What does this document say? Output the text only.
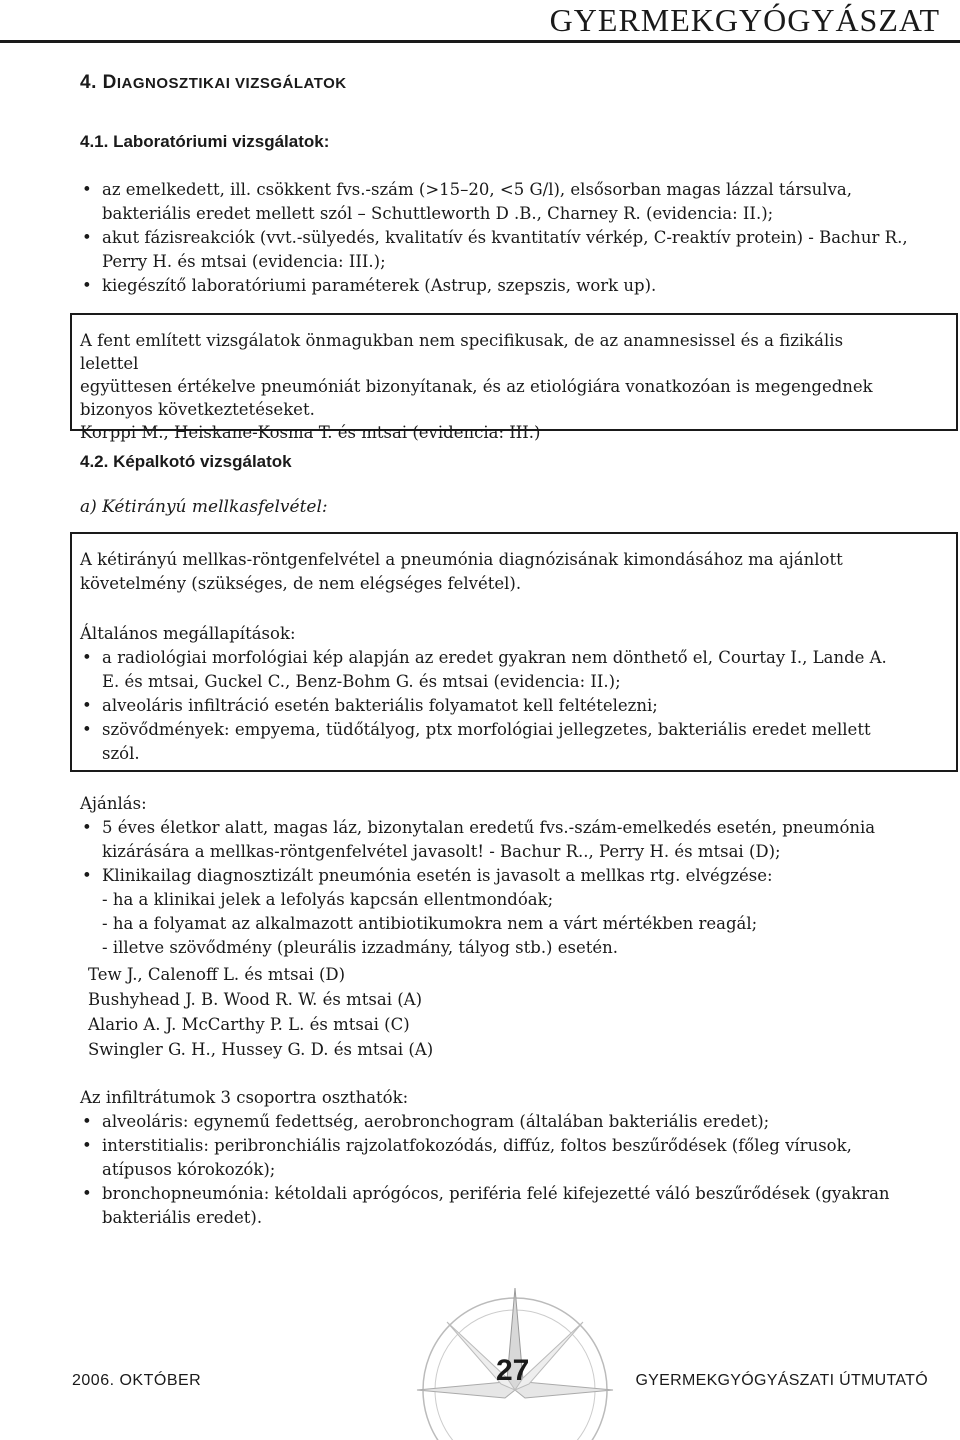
GYERMEKGYÓGYÁSZAT
4. DIAGNOSZTIKAI VIZSGÁLATOK
4.1. Laboratóriumi vizsgálatok:
• az emelkedett, ill. csökkent fvs.-szám (>15–20, <5 G/l), elsősorban magas lázzal társulva,
bakteriális eredet mellett szól – Schuttleworth D .B., Charney R. (evidencia: II.);
• akut fázisreakciók (vvt.-sülyedés, kvalitatív és kvantitatív vérkép, C-reaktív protein) - Bachur R.,
Perry H. és mtsai (evidencia: III.);
• kiegészítő laboratóriumi paraméterek (Astrup, szepszis, work up).
A fent említett vizsgálatok önmagukban nem specifikusak, de az anamnesissel és a fizikális lelettel
együttesen értékelve pneumóniát bizonyítanak, és az etiológiára vonatkozóan is megengednek
bizonyos következtetéseket.
Korppi M., Heiskane-Kosma T. és mtsai (evidencia: III.)
4.2. Képalkotó vizsgálatok
a) Kétirányú mellkasfelvétel:
A kétirányú mellkas-röntgenfelvétel a pneumónia diagnózisának kimondásához ma ajánlott
követelmény (szükséges, de nem elégséges felvétel).
Általános megállapítások:
• a radiológiai morfológiai kép alapján az eredet gyakran nem dönthető el, Courtay I., Lande A.
E. és mtsai, Guckel C., Benz-Bohm G. és mtsai (evidencia: II.);
• alveoláris infiltráció esetén bakteriális folyamatot kell feltételezni;
• szövődmények: empyema, tüdőtályog, ptx morfológiai jellegzetes, bakteriális eredet mellett
szól.
Ajánlás:
• 5 éves életkor alatt, magas láz, bizonytalan eredetű fvs.-szám-emelkedés esetén, pneumónia
kizárására a mellkas-röntgenfelvétel javasolt! - Bachur R.., Perry H. és mtsai (D);
• Klinikailag diagnosztizált pneumónia esetén is javasolt a mellkas rtg. elvégzése:
- ha a klinikai jelek a lefolyás kapcsán ellentmondóak;
- ha a folyamat az alkalmazott antibiotikumokra nem a várt mértékben reagál;
- illetve szövődmény (pleurális izzadmány, tályog stb.) esetén.
Tew J., Calenoff L. és mtsai (D)
Bushyhead J. B. Wood R. W. és mtsai (A)
Alario A. J. McCarthy P. L. és mtsai (C)
Swingler G. H., Hussey G. D. és mtsai (A)
Az infiltrátumok 3 csoportra oszthatók:
• alveoláris: egynemű fedettség, aerobronchogram (általában bakteriális eredet);
• interstitialis: peribronchiális rajzolatfokozódás, diffúz, foltos beszűrődések (főleg vírusok,
atípusos kórokozók);
• bronchopneumónia: kétoldali aprógócos, periféria felé kifejezetté váló beszűrődések (gyakran
bakteriális eredet).
2006. OKTÓBER	27	GYERMEKGYÓGYÁSZATI ÚTMUTATÓ
